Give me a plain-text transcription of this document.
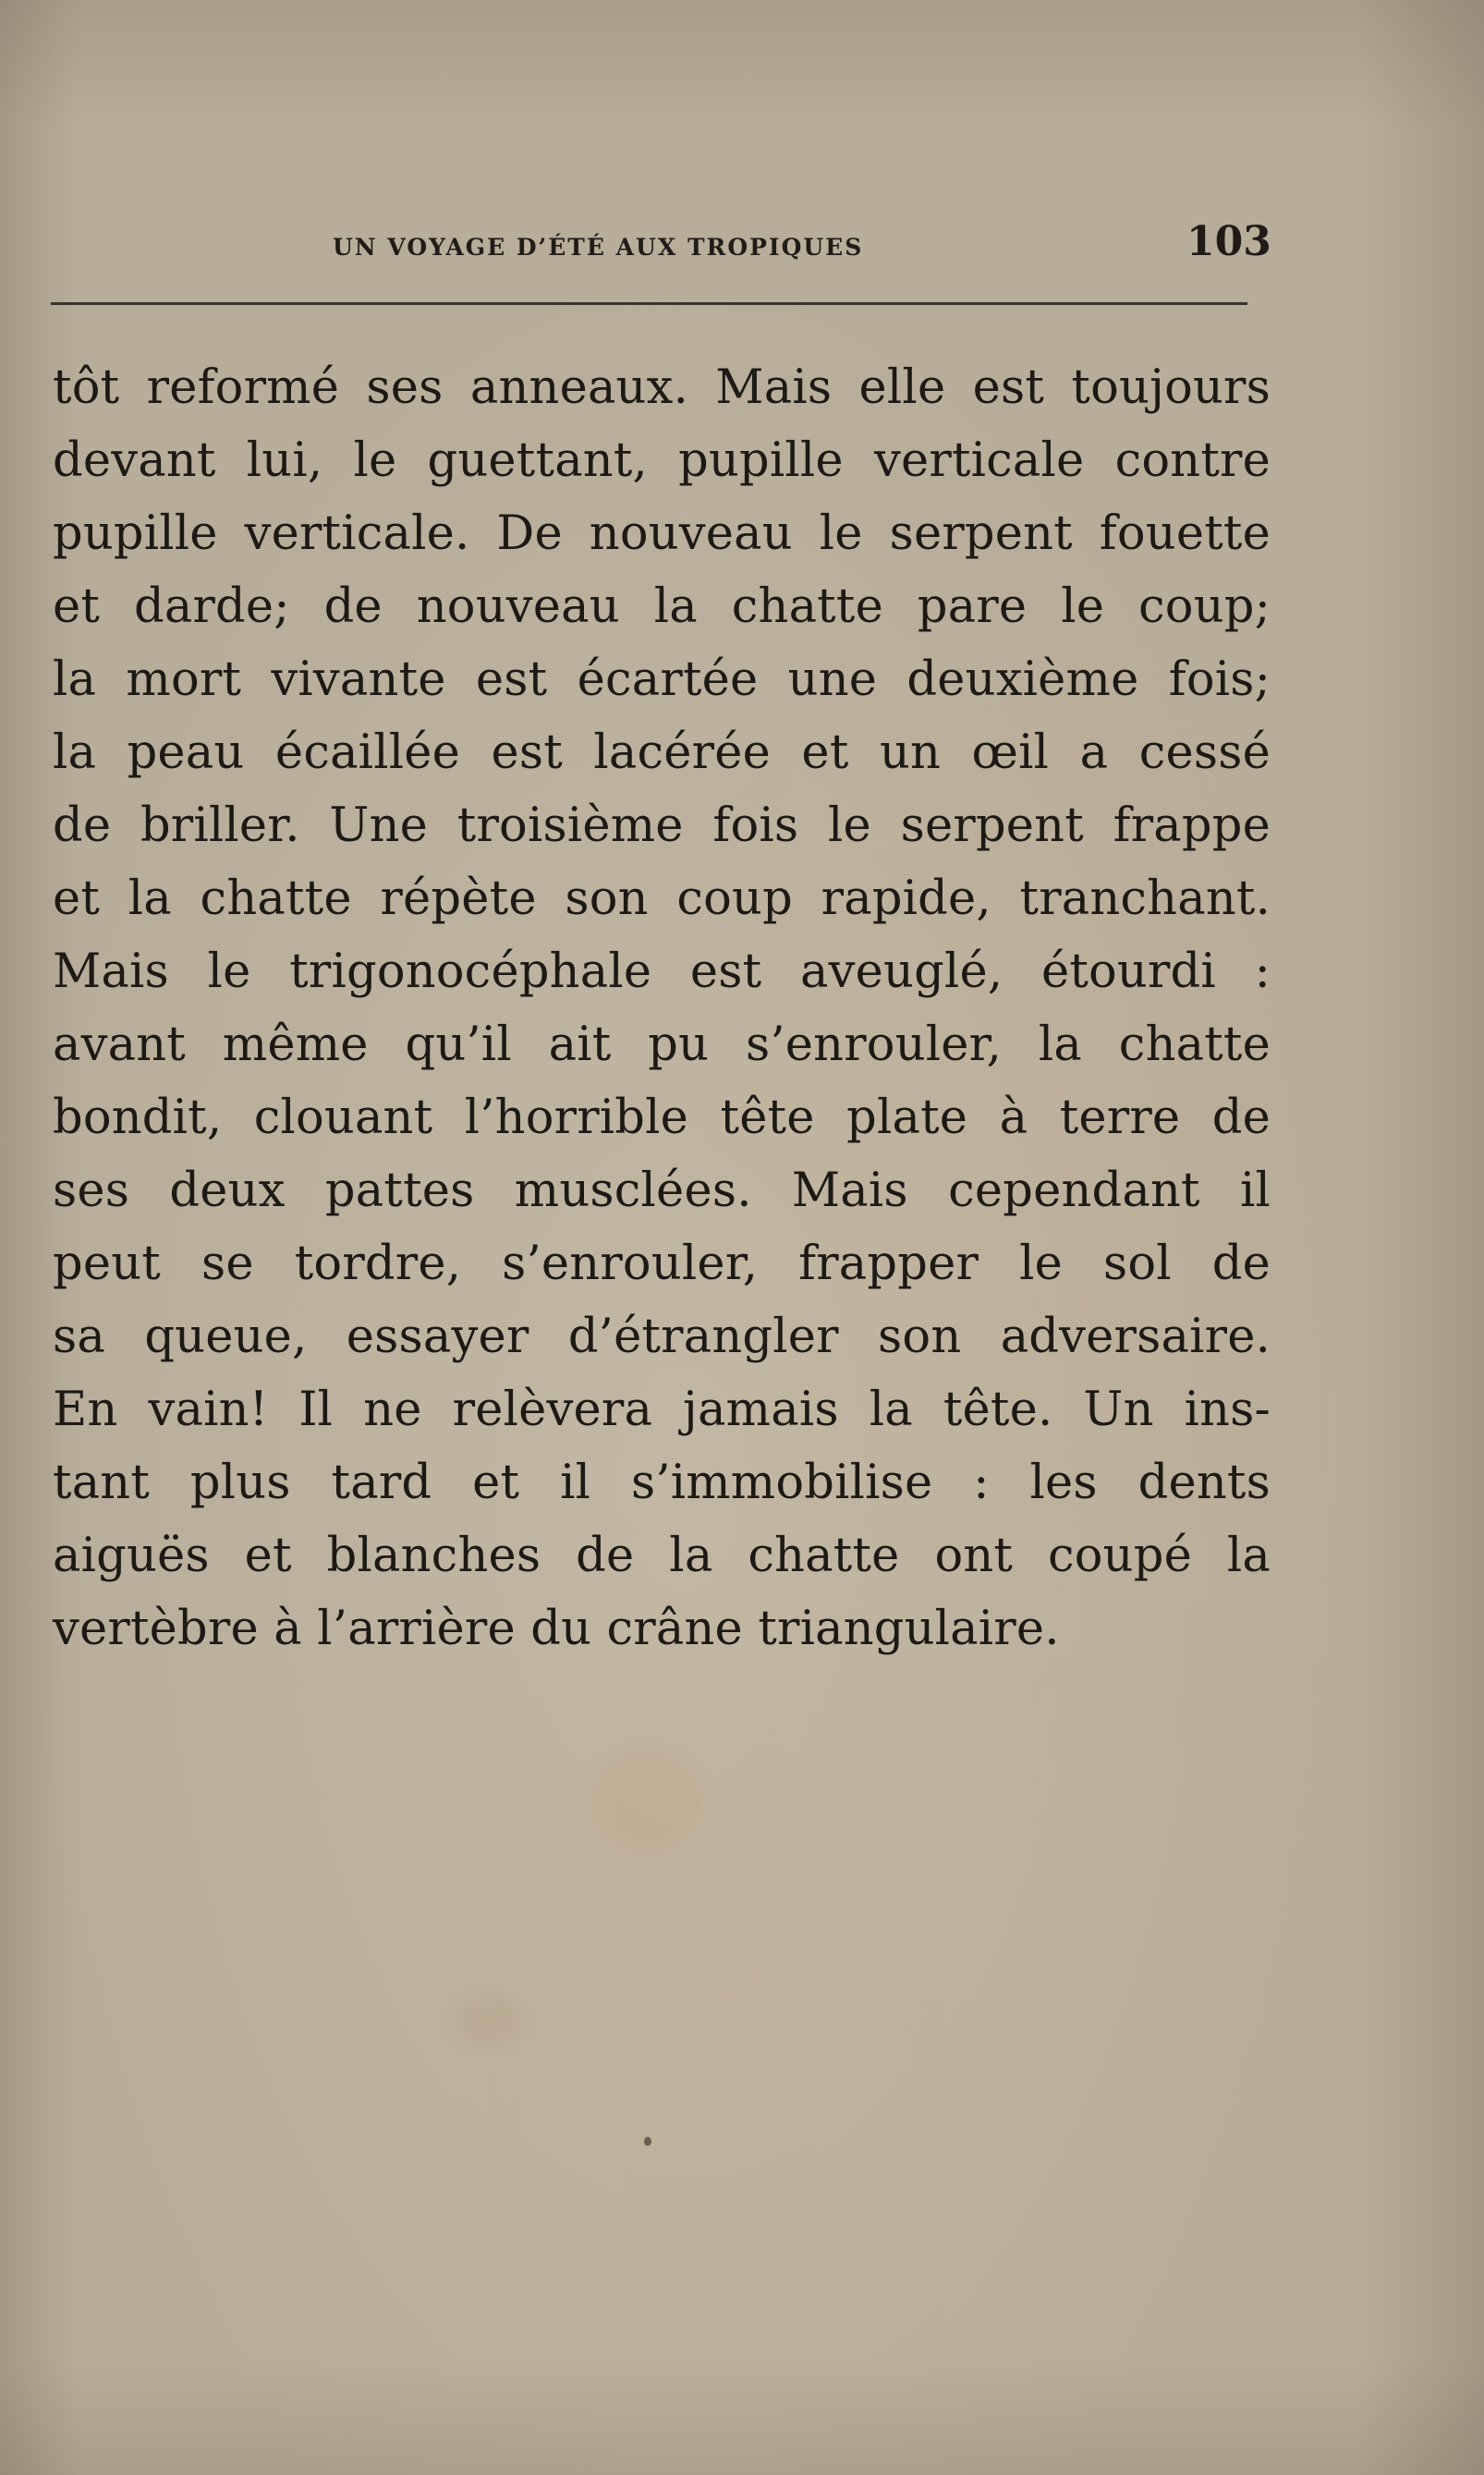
UN VOYAGE D’ÉTÉ AUX TROPIQUES	103
tôt reformé ses anneaux. Mais elle est toujours
devant lui, le guettant, pupille verticale contre
pupille verticale. De nouveau le serpent fouette
et darde; de nouveau la chatte pare le coup;
la mort vivante est écartée une deuxième fois;
la peau écaillée est lacérée et un œil a cessé
de briller. Une troisième fois le serpent frappe
et la chatte répète son coup rapide, tranchant.
Mais le trigonocéphale est aveuglé, étourdi :
avant même qu’il ait pu s’enrouler, la chatte
bondit, clouant l’horrible tête plate à terre de
ses deux pattes musclées. Mais cependant il
peut se tordre, s’enrouler, frapper le sol de
sa queue, essayer d’étrangler son adversaire.
En vain! Il ne relèvera jamais la tête. Un ins-
tant plus tard et il s’immobilise : les dents
aiguës et blanches de la chatte ont coupé la
vertèbre à l’arrière du crâne triangulaire.
